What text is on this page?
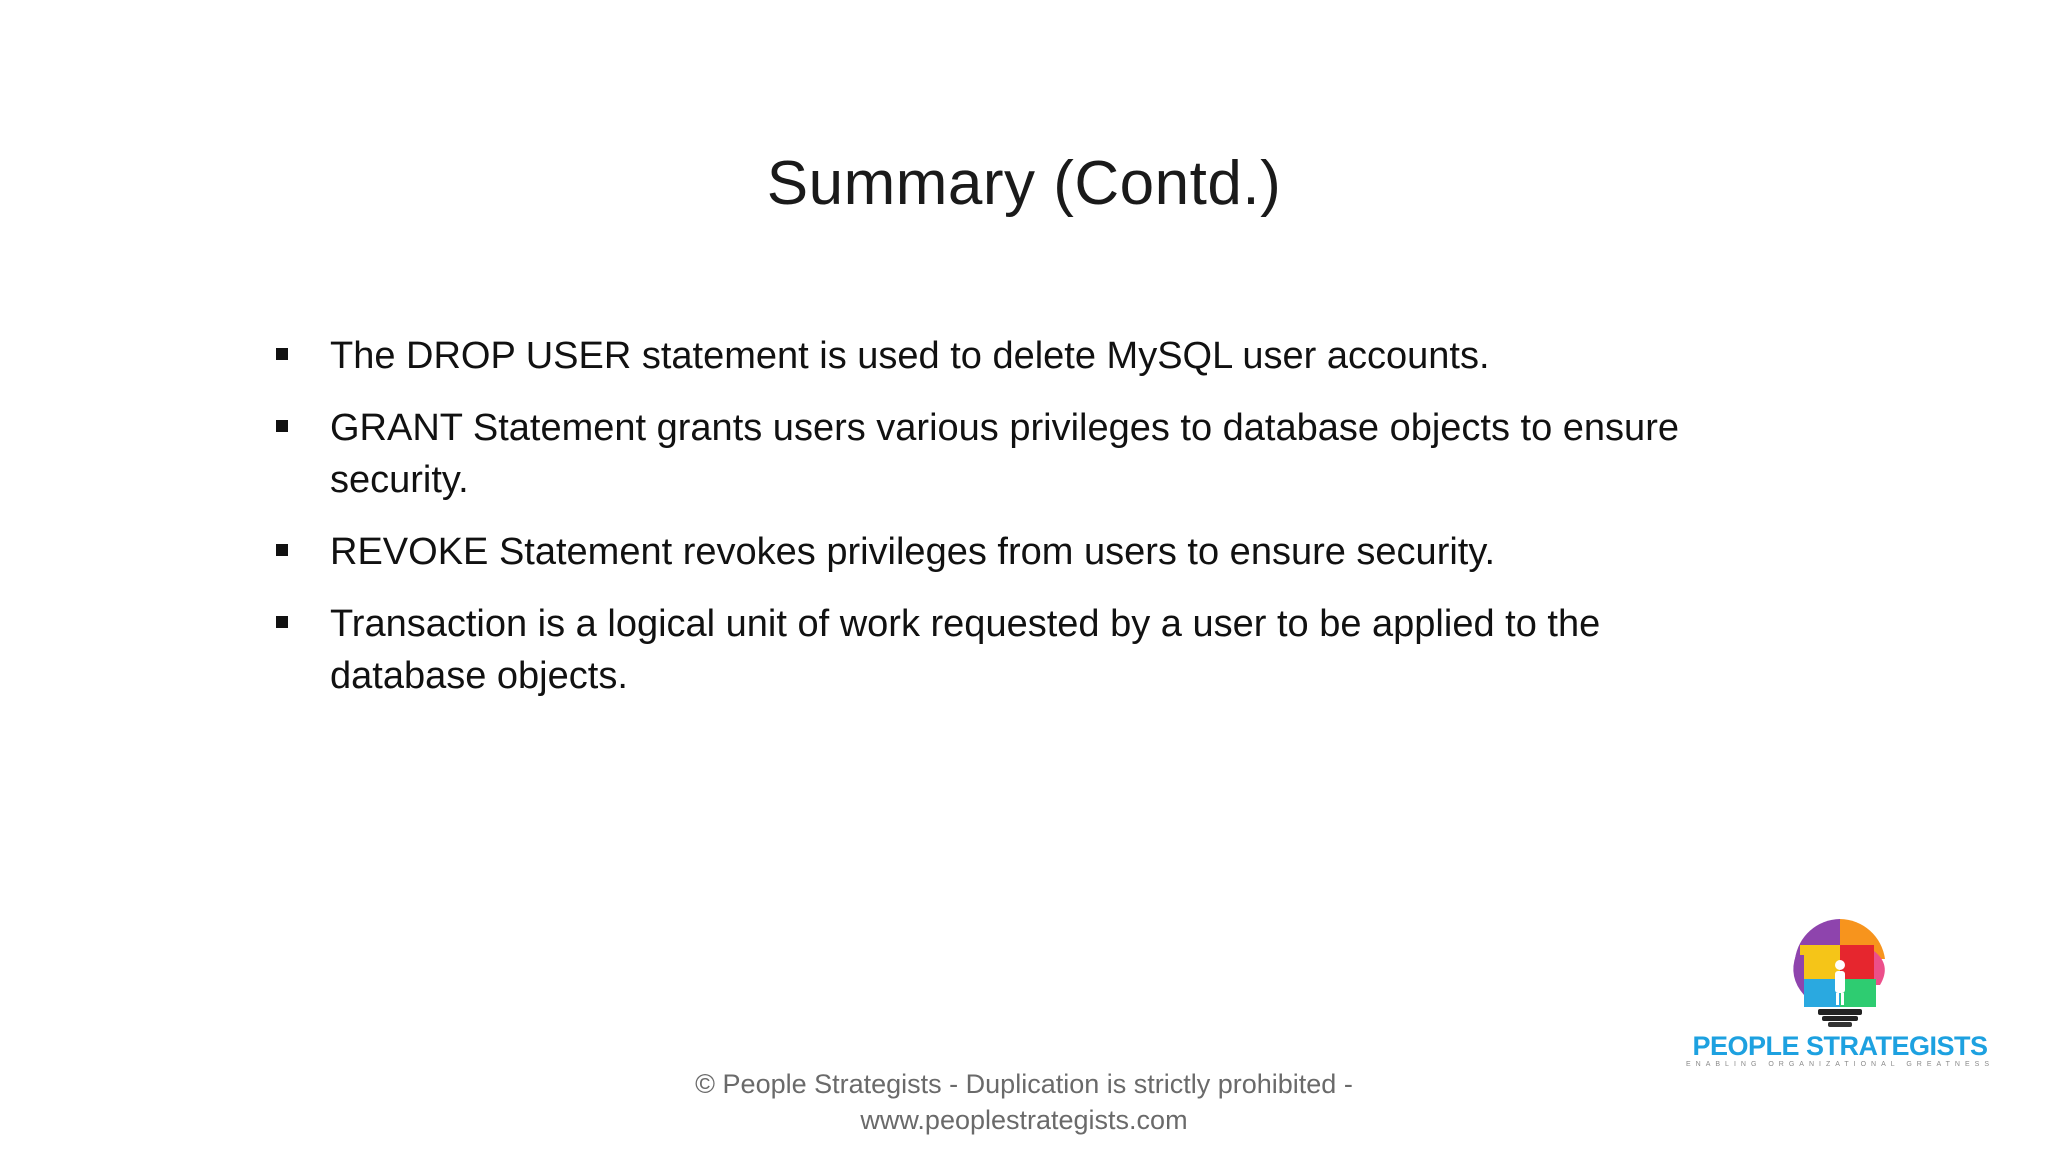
Summary (Contd.)
The DROP USER statement is used to delete MySQL user accounts.
GRANT Statement grants users various privileges to database objects to ensure security.
REVOKE Statement revokes privileges from users to ensure security.
Transaction is a logical unit of work requested by a user to be applied to the database objects.
© People Strategists - Duplication is strictly prohibited -
www.peoplestrategists.com
PEOPLE STRATEGISTS
ENABLING ORGANIZATIONAL GREATNESS
